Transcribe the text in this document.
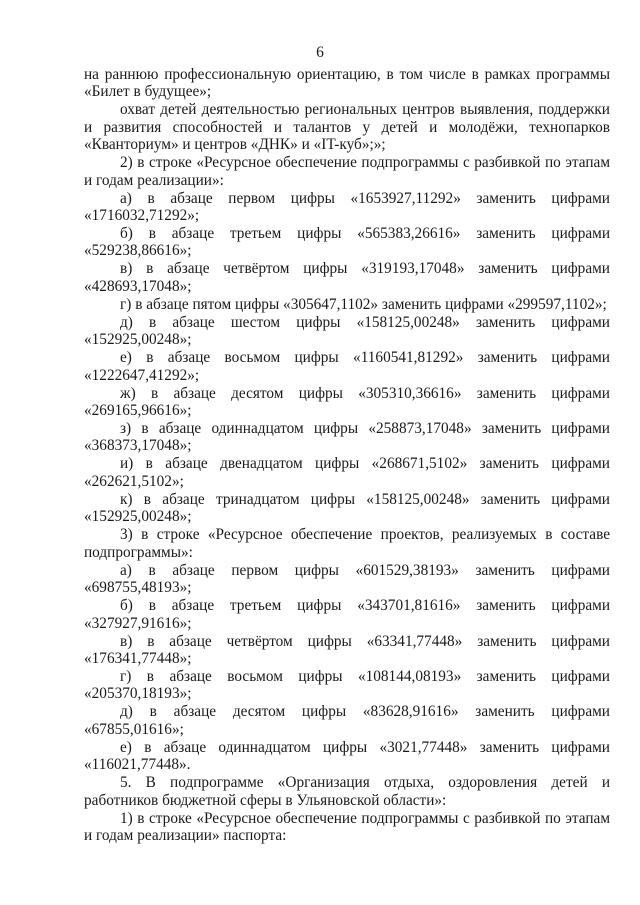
6

на раннюю профессиональную ориентацию, в том числе в рамках программы «Билет в будущее»;

охват детей деятельностью региональных центров выявления, поддержки и развития способностей и талантов у детей и молодёжи, технопарков «Кванториум» и центров «ДНК» и «IT-куб»;»;

2) в строке «Ресурсное обеспечение подпрограммы с разбивкой по этапам и годам реализации»:

а) в абзаце первом цифры «1653927,11292» заменить цифрами «1716032,71292»;

б) в абзаце третьем цифры «565383,26616» заменить цифрами «529238,86616»;

в) в абзаце четвёртом цифры «319193,17048» заменить цифрами «428693,17048»;

г) в абзаце пятом цифры «305647,1102» заменить цифрами «299597,1102»;

д) в абзаце шестом цифры «158125,00248» заменить цифрами «152925,00248»;

е) в абзаце восьмом цифры «1160541,81292» заменить цифрами «1222647,41292»;

ж) в абзаце десятом цифры «305310,36616» заменить цифрами «269165,96616»;

з) в абзаце одиннадцатом цифры «258873,17048» заменить цифрами «368373,17048»;

и) в абзаце двенадцатом цифры «268671,5102» заменить цифрами «262621,5102»;

к) в абзаце тринадцатом цифры «158125,00248» заменить цифрами «152925,00248»;

3) в строке «Ресурсное обеспечение проектов, реализуемых в составе подпрограммы»:

а) в абзаце первом цифры «601529,38193» заменить цифрами «698755,48193»;

б) в абзаце третьем цифры «343701,81616» заменить цифрами «327927,91616»;

в) в абзаце четвёртом цифры «63341,77448» заменить цифрами «176341,77448»;

г) в абзаце восьмом цифры «108144,08193» заменить цифрами «205370,18193»;

д) в абзаце десятом цифры «83628,91616» заменить цифрами «67855,01616»;

е) в абзаце одиннадцатом цифры «3021,77448» заменить цифрами «116021,77448».

5. В подпрограмме «Организация отдыха, оздоровления детей и работников бюджетной сферы в Ульяновской области»:

1) в строке «Ресурсное обеспечение подпрограммы с разбивкой по этапам и годам реализации» паспорта:
